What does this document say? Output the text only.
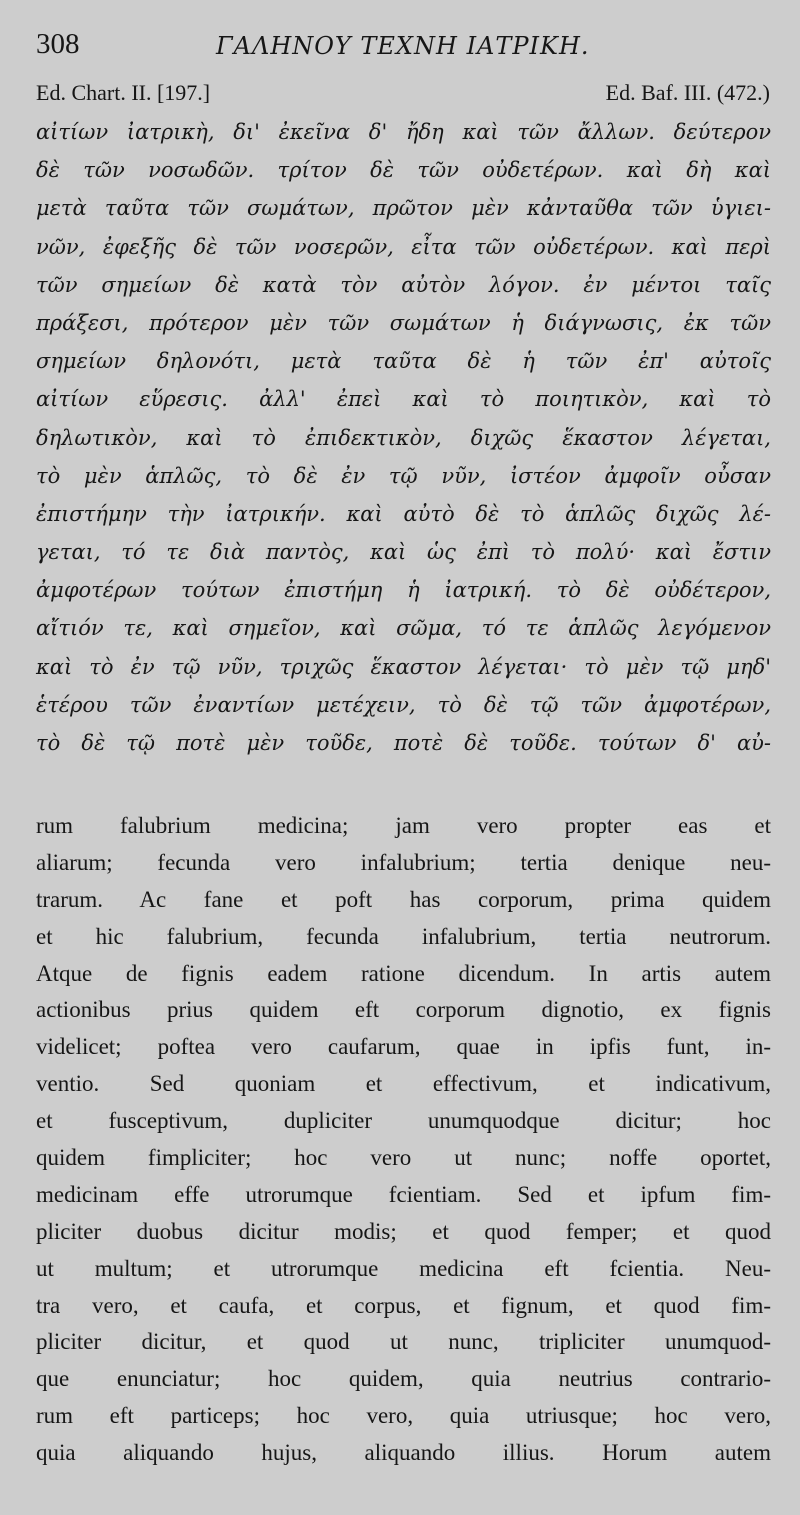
308	ΓΑΛΗΝΟΥ ΤΕΧΝΗ ΙΑΤΡΙΚΗ.
Ed. Chart. II. [197.]	Ed. Baf. III. (472.)
αἰτίων ἰατρικὴ, δι' ἐκεῖνα δ' ἤδη καὶ τῶν ἄλλων. δεύτερον
δὲ τῶν νοσωδῶν. τρίτον δὲ τῶν οὐδετέρων. καὶ δὴ καὶ
μετὰ ταῦτα τῶν σωμάτων, πρῶτον μὲν κἀνταῦθα τῶν ὑγιει-
νῶν, ἐφεξῆς δὲ τῶν νοσερῶν, εἶτα τῶν οὐδετέρων. καὶ περὶ
τῶν σημείων δὲ κατὰ τὸν αὐτὸν λόγον. ἐν μέντοι ταῖς
πράξεσι, πρότερον μὲν τῶν σωμάτων ἡ διάγνωσις, ἐκ τῶν
σημείων δηλονότι, μετὰ ταῦτα δὲ ἡ τῶν ἐπ' αὐτοῖς
αἰτίων εὕρεσις. ἀλλ' ἐπεὶ καὶ τὸ ποιητικὸν, καὶ τὸ
δηλωτικὸν, καὶ τὸ ἐπιδεκτικὸν, διχῶς ἕκαστον λέγεται,
τὸ μὲν ἁπλῶς, τὸ δὲ ἐν τῷ νῦν, ἰστέον ἀμφοῖν οὖσαν
ἐπιστήμην τὴν ἰατρικήν. καὶ αὐτὸ δὲ τὸ ἁπλῶς διχῶς λέ-
γεται, τό τε διὰ παντὸς, καὶ ὡς ἐπὶ τὸ πολύ· καὶ ἔστιν
ἀμφοτέρων τούτων ἐπιστήμη ἡ ἰατρική. τὸ δὲ οὐδέτερον,
αἴτιόν τε, καὶ σημεῖον, καὶ σῶμα, τό τε ἁπλῶς λεγόμενον
καὶ τὸ ἐν τῷ νῦν, τριχῶς ἕκαστον λέγεται· τὸ μὲν τῷ μηδ'
ἑτέρου τῶν ἐναντίων μετέχειν, τὸ δὲ τῷ τῶν ἀμφοτέρων,
τὸ δὲ τῷ ποτὲ μὲν τοῦδε, ποτὲ δὲ τοῦδε. τούτων δ' αὐ-
rum falubrium medicina; jam vero propter eas et
aliarum; fecunda vero infalubrium; tertia denique neu-
trarum. Ac fane et poft has corporum, prima quidem
et hic falubrium, fecunda infalubrium, tertia neutrorum.
Atque de fignis eadem ratione dicendum. In artis autem
actionibus prius quidem eft corporum dignotio, ex fignis
videlicet; poftea vero caufarum, quae in ipfis funt, in-
ventio. Sed quoniam et effectivum, et indicativum,
et fusceptivum, dupliciter unumquodque dicitur; hoc
quidem fimpliciter; hoc vero ut nunc; noffe oportet,
medicinam effe utrorumque fcientiam. Sed et ipfum fim-
pliciter duobus dicitur modis; et quod femper; et quod
ut multum; et utrorumque medicina eft fcientia. Neu-
tra vero, et caufa, et corpus, et fignum, et quod fim-
pliciter dicitur, et quod ut nunc, tripliciter unumquod-
que enunciatur; hoc quidem, quia neutrius contrario-
rum eft particeps; hoc vero, quia utriusque; hoc vero,
quia aliquando hujus, aliquando illius. Horum autem
